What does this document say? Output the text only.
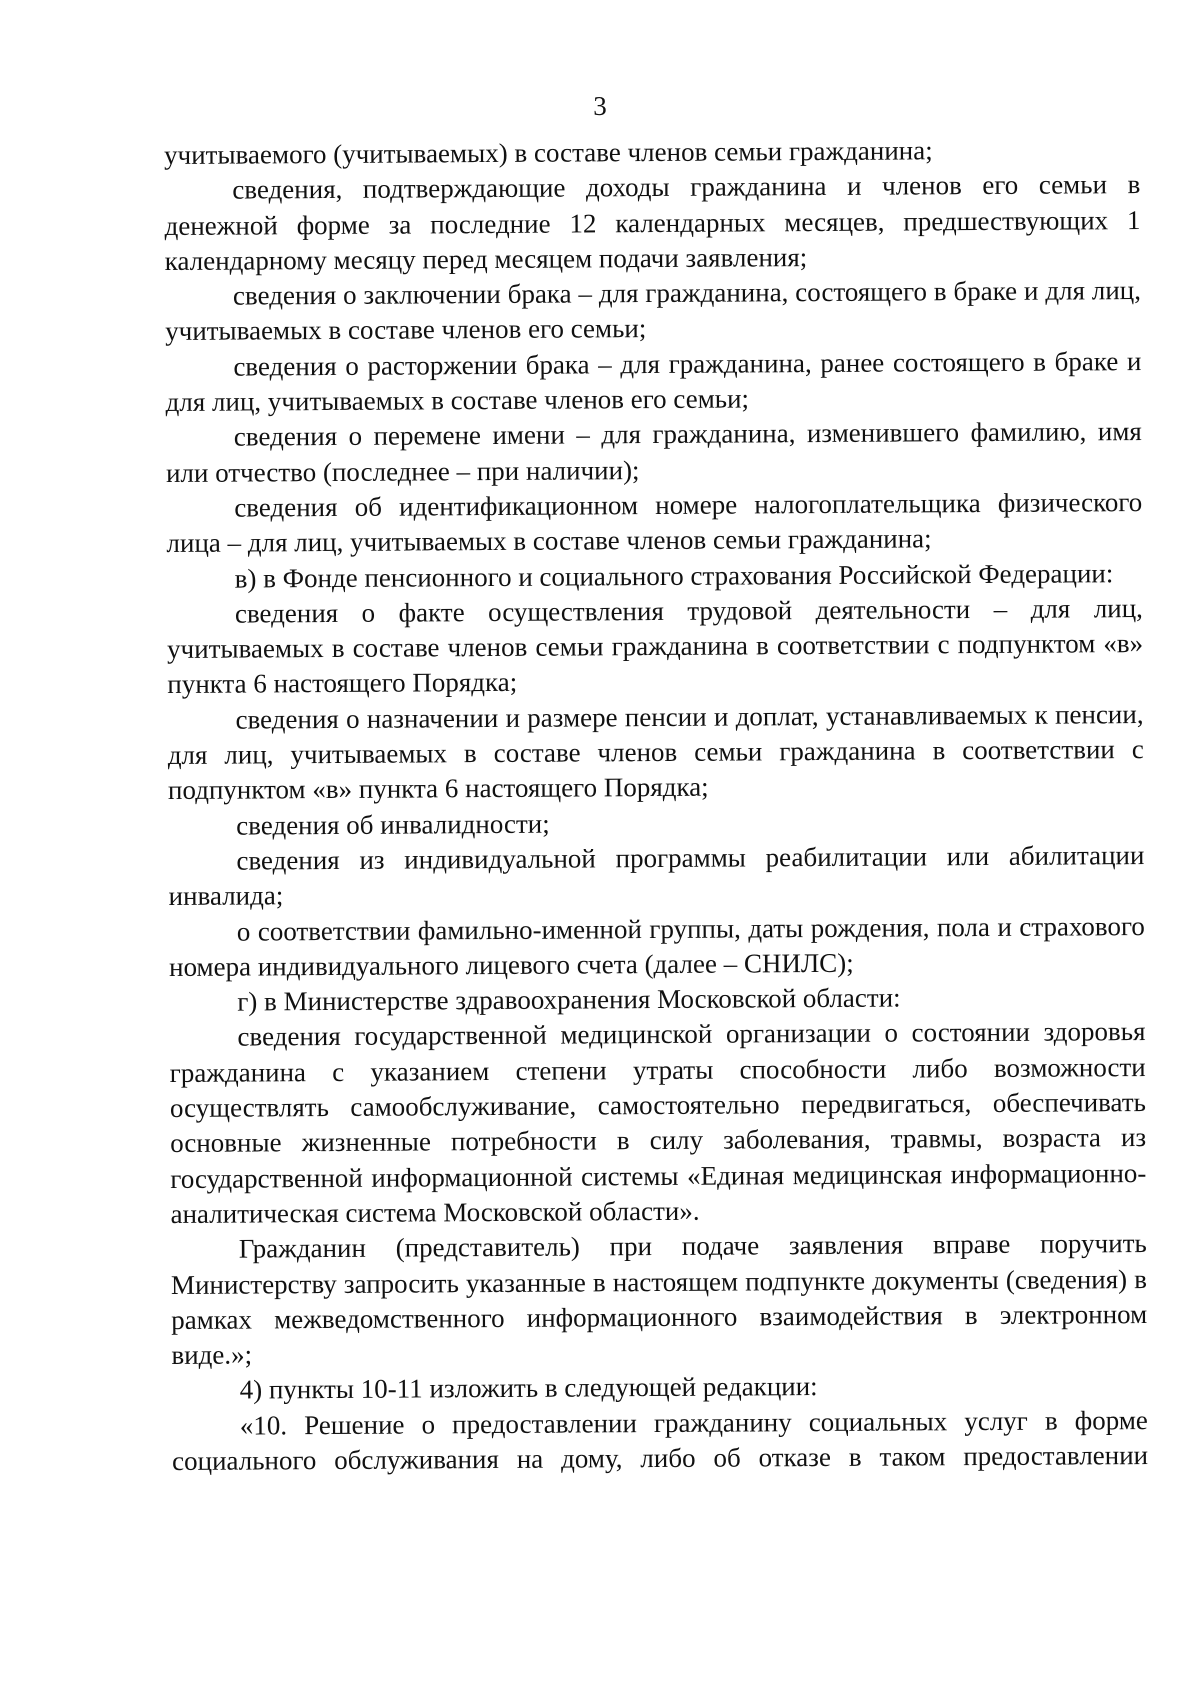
3

учитываемого (учитываемых) в составе членов семьи гражданина;

сведения, подтверждающие доходы гражданина и членов его семьи в денежной форме за последние 12 календарных месяцев, предшествующих 1 календарному месяцу перед месяцем подачи заявления;

сведения о заключении брака – для гражданина, состоящего в браке и для лиц, учитываемых в составе членов его семьи;

сведения о расторжении брака – для гражданина, ранее состоящего в браке и для лиц, учитываемых в составе членов его семьи;

сведения о перемене имени – для гражданина, изменившего фамилию, имя или отчество (последнее – при наличии);

сведения об идентификационном номере налогоплательщика физического лица – для лиц, учитываемых в составе членов семьи гражданина;

в) в Фонде пенсионного и социального страхования Российской Федерации:

сведения о факте осуществления трудовой деятельности – для лиц, учитываемых в составе членов семьи гражданина в соответствии с подпунктом «в» пункта 6 настоящего Порядка;

сведения о назначении и размере пенсии и доплат, устанавливаемых к пенсии, для лиц, учитываемых в составе членов семьи гражданина в соответствии с подпунктом «в» пункта 6 настоящего Порядка;

сведения об инвалидности;

сведения из индивидуальной программы реабилитации или абилитации инвалида;

о соответствии фамильно-именной группы, даты рождения, пола и страхового номера индивидуального лицевого счета (далее – СНИЛС);

г) в Министерстве здравоохранения Московской области:

сведения государственной медицинской организации о состоянии здоровья гражданина с указанием степени утраты способности либо возможности осуществлять самообслуживание, самостоятельно передвигаться, обеспечивать основные жизненные потребности в силу заболевания, травмы, возраста из государственной информационной системы «Единая медицинская информационно-аналитическая система Московской области».

Гражданин (представитель) при подаче заявления вправе поручить Министерству запросить указанные в настоящем подпункте документы (сведения) в рамках межведомственного информационного взаимодействия в электронном виде.»;

4) пункты 10-11 изложить в следующей редакции:

«10. Решение о предоставлении гражданину социальных услуг в форме социального обслуживания на дому, либо об отказе в таком предоставлении
